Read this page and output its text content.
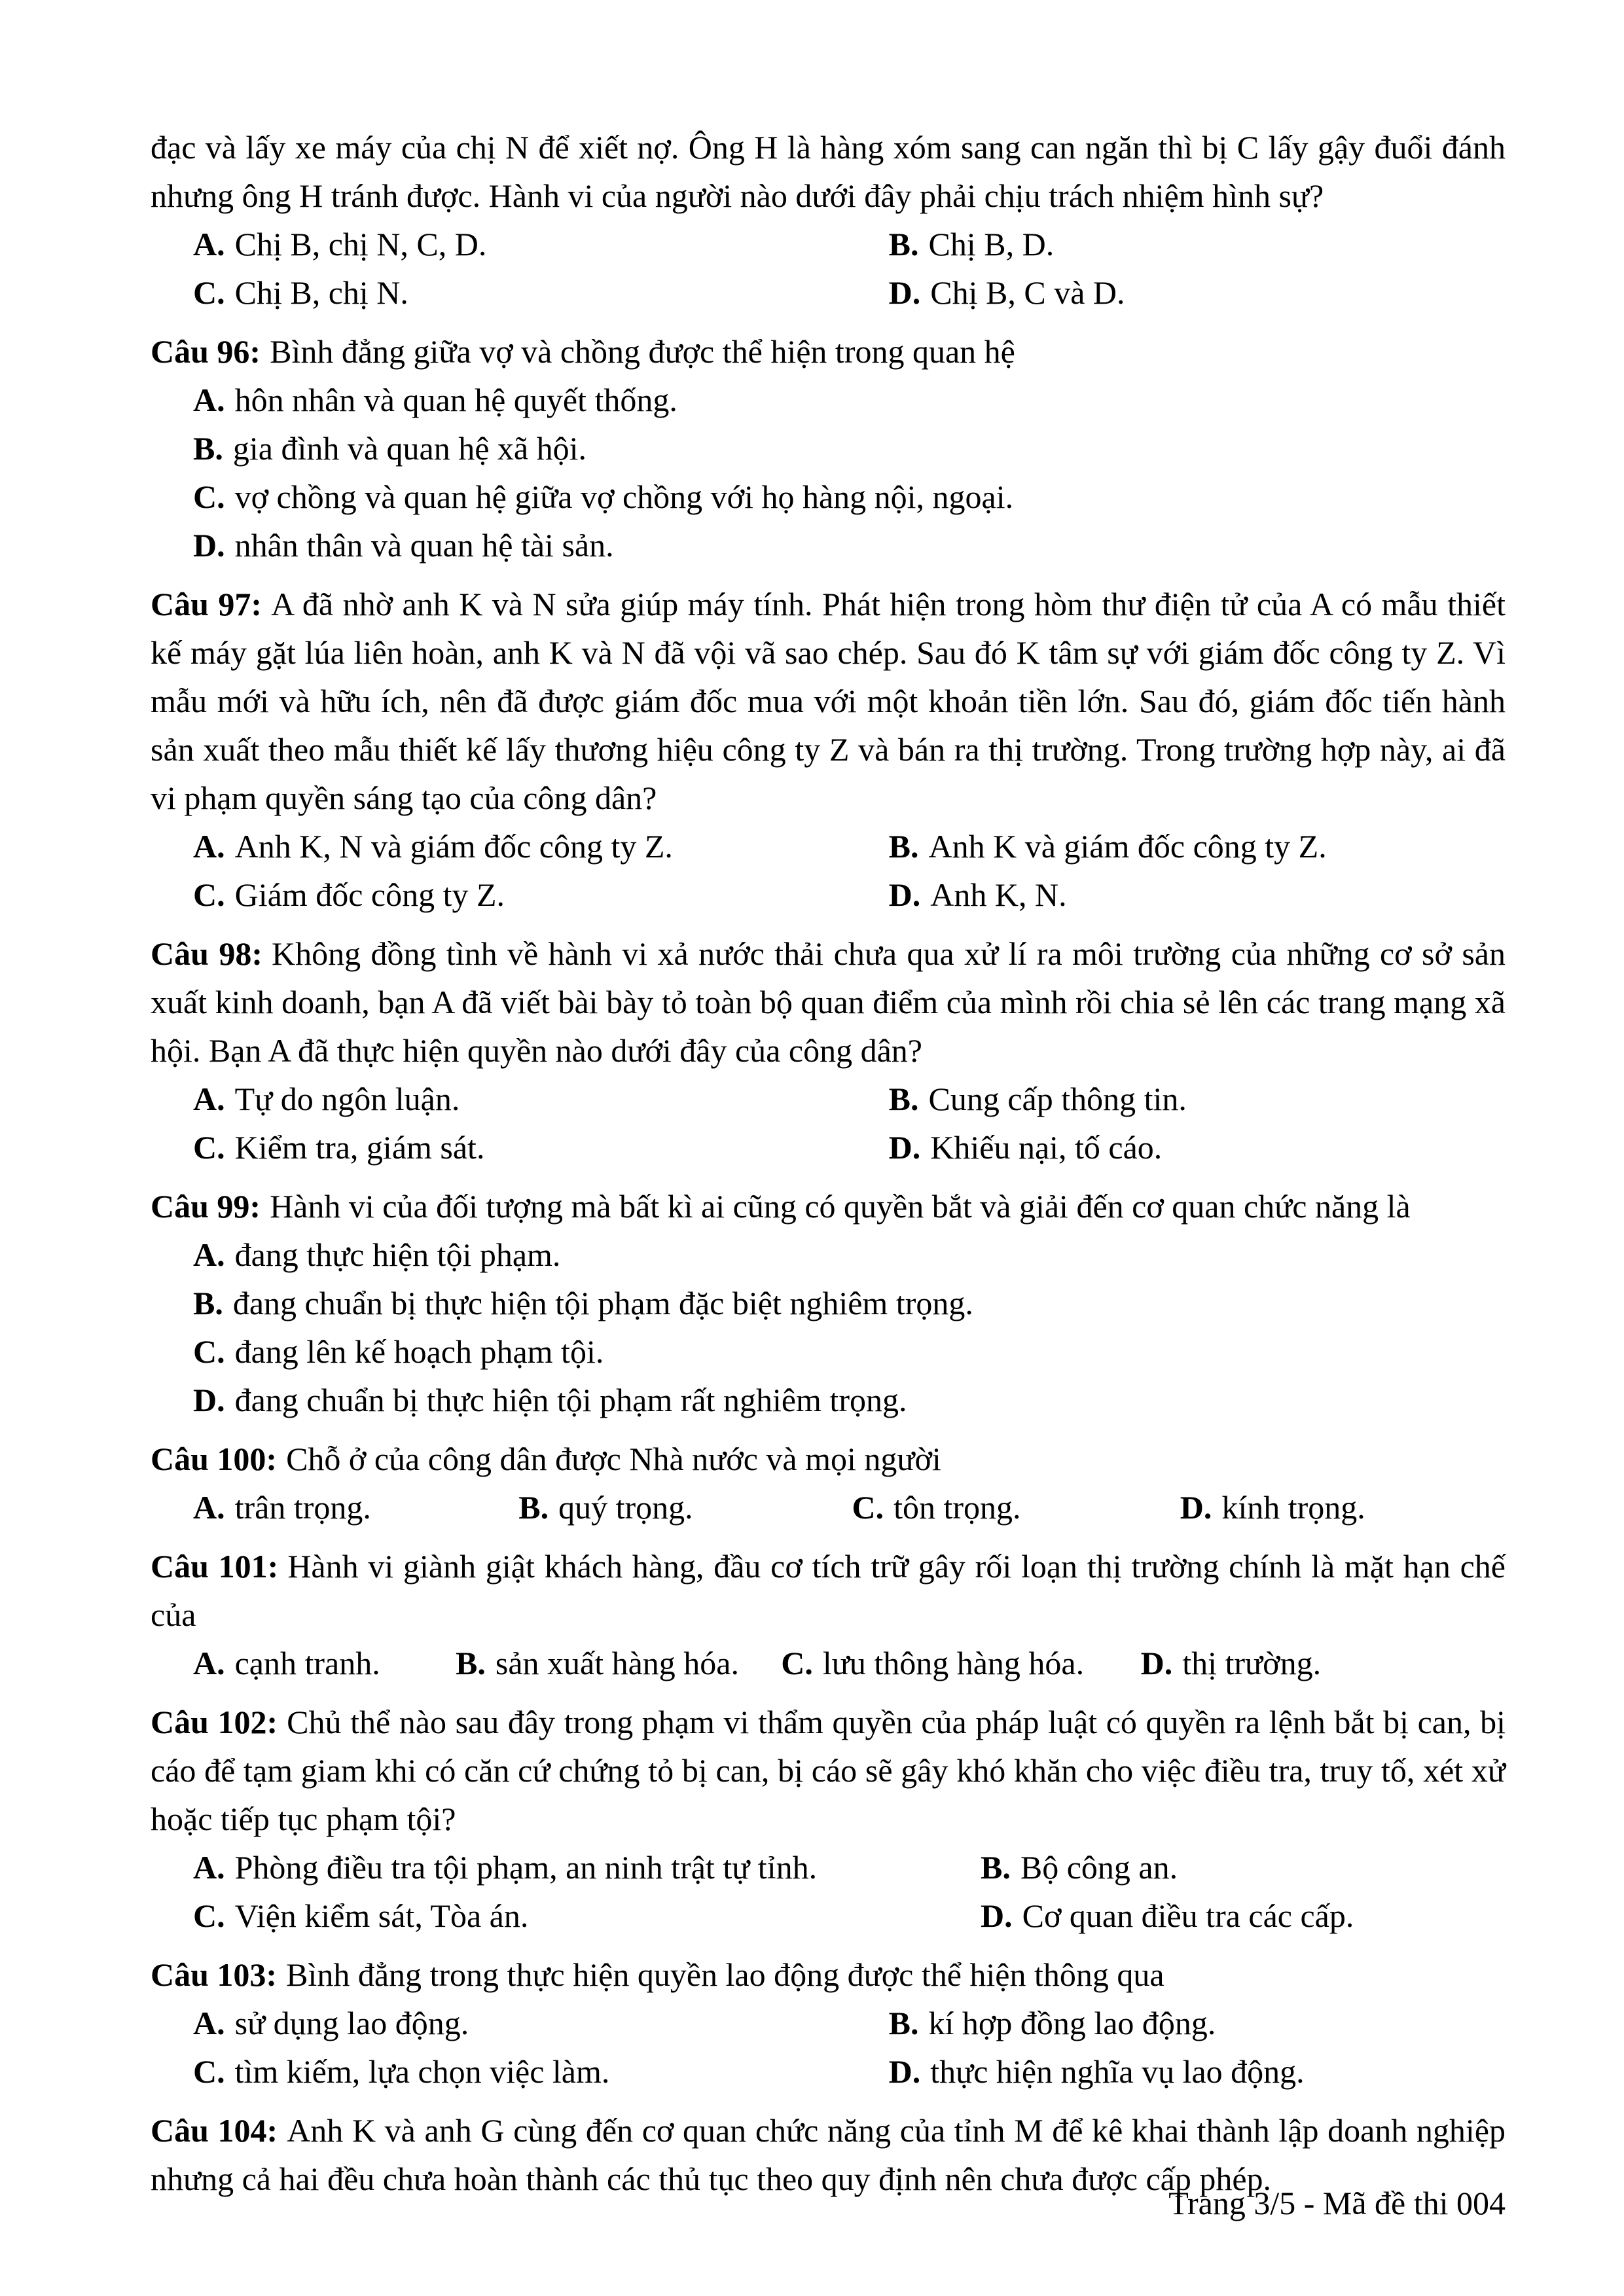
đạc và lấy xe máy của chị N để xiết nợ. Ông H là hàng xóm sang can ngăn thì bị C lấy gậy đuổi đánh nhưng ông H tránh được. Hành vi của người nào dưới đây phải chịu trách nhiệm hình sự?

A. Chị B, chị N, C, D.	B. Chị B, D.
C. Chị B, chị N.	D. Chị B, C và D.

Câu 96: Bình đẳng giữa vợ và chồng được thể hiện trong quan hệ

A. hôn nhân và quan hệ quyết thống.
B. gia đình và quan hệ xã hội.
C. vợ chồng và quan hệ giữa vợ chồng với họ hàng nội, ngoại.
D. nhân thân và quan hệ tài sản.

Câu 97: A đã nhờ anh K và N sửa giúp máy tính. Phát hiện trong hòm thư điện tử của A có mẫu thiết kế máy gặt lúa liên hoàn, anh K và N đã vội vã sao chép. Sau đó K tâm sự với giám đốc công ty Z. Vì mẫu mới và hữu ích, nên đã được giám đốc mua với một khoản tiền lớn. Sau đó, giám đốc tiến hành sản xuất theo mẫu thiết kế lấy thương hiệu công ty Z và bán ra thị trường. Trong trường hợp này, ai đã vi phạm quyền sáng tạo của công dân?

A. Anh K, N và giám đốc công ty Z.	B. Anh K và giám đốc công ty Z.
C. Giám đốc công ty Z.	D. Anh K, N.

Câu 98: Không đồng tình về hành vi xả nước thải chưa qua xử lí ra môi trường của những cơ sở sản xuất kinh doanh, bạn A đã viết bài bày tỏ toàn bộ quan điểm của mình rồi chia sẻ lên các trang mạng xã hội. Bạn A đã thực hiện quyền nào dưới đây của công dân?

A. Tự do ngôn luận.	B. Cung cấp thông tin.
C. Kiểm tra, giám sát.	D. Khiếu nại, tố cáo.

Câu 99: Hành vi của đối tượng mà bất kì ai cũng có quyền bắt và giải đến cơ quan chức năng là

A. đang thực hiện tội phạm.
B. đang chuẩn bị thực hiện tội phạm đặc biệt nghiêm trọng.
C. đang lên kế hoạch phạm tội.
D. đang chuẩn bị thực hiện tội phạm rất nghiêm trọng.

Câu 100: Chỗ ở của công dân được Nhà nước và mọi người

A. trân trọng.	B. quý trọng.	C. tôn trọng.	D. kính trọng.

Câu 101: Hành vi giành giật khách hàng, đầu cơ tích trữ gây rối loạn thị trường chính là mặt hạn chế của

A. cạnh tranh.	B. sản xuất hàng hóa.	C. lưu thông hàng hóa.	D. thị trường.

Câu 102: Chủ thể nào sau đây trong phạm vi thẩm quyền của pháp luật có quyền ra lệnh bắt bị can, bị cáo để tạm giam khi có căn cứ chứng tỏ bị can, bị cáo sẽ gây khó khăn cho việc điều tra, truy tố, xét xử hoặc tiếp tục phạm tội?

A. Phòng điều tra tội phạm, an ninh trật tự tỉnh.	B. Bộ công an.
C. Viện kiểm sát, Tòa án.	D. Cơ quan điều tra các cấp.

Câu 103: Bình đẳng trong thực hiện quyền lao động được thể hiện thông qua

A. sử dụng lao động.	B. kí hợp đồng lao động.
C. tìm kiếm, lựa chọn việc làm.	D. thực hiện nghĩa vụ lao động.

Câu 104: Anh K và anh G cùng đến cơ quan chức năng của tỉnh M để kê khai thành lập doanh nghiệp nhưng cả hai đều chưa hoàn thành các thủ tục theo quy định nên chưa được cấp phép.

Trang 3/5 - Mã đề thi 004
